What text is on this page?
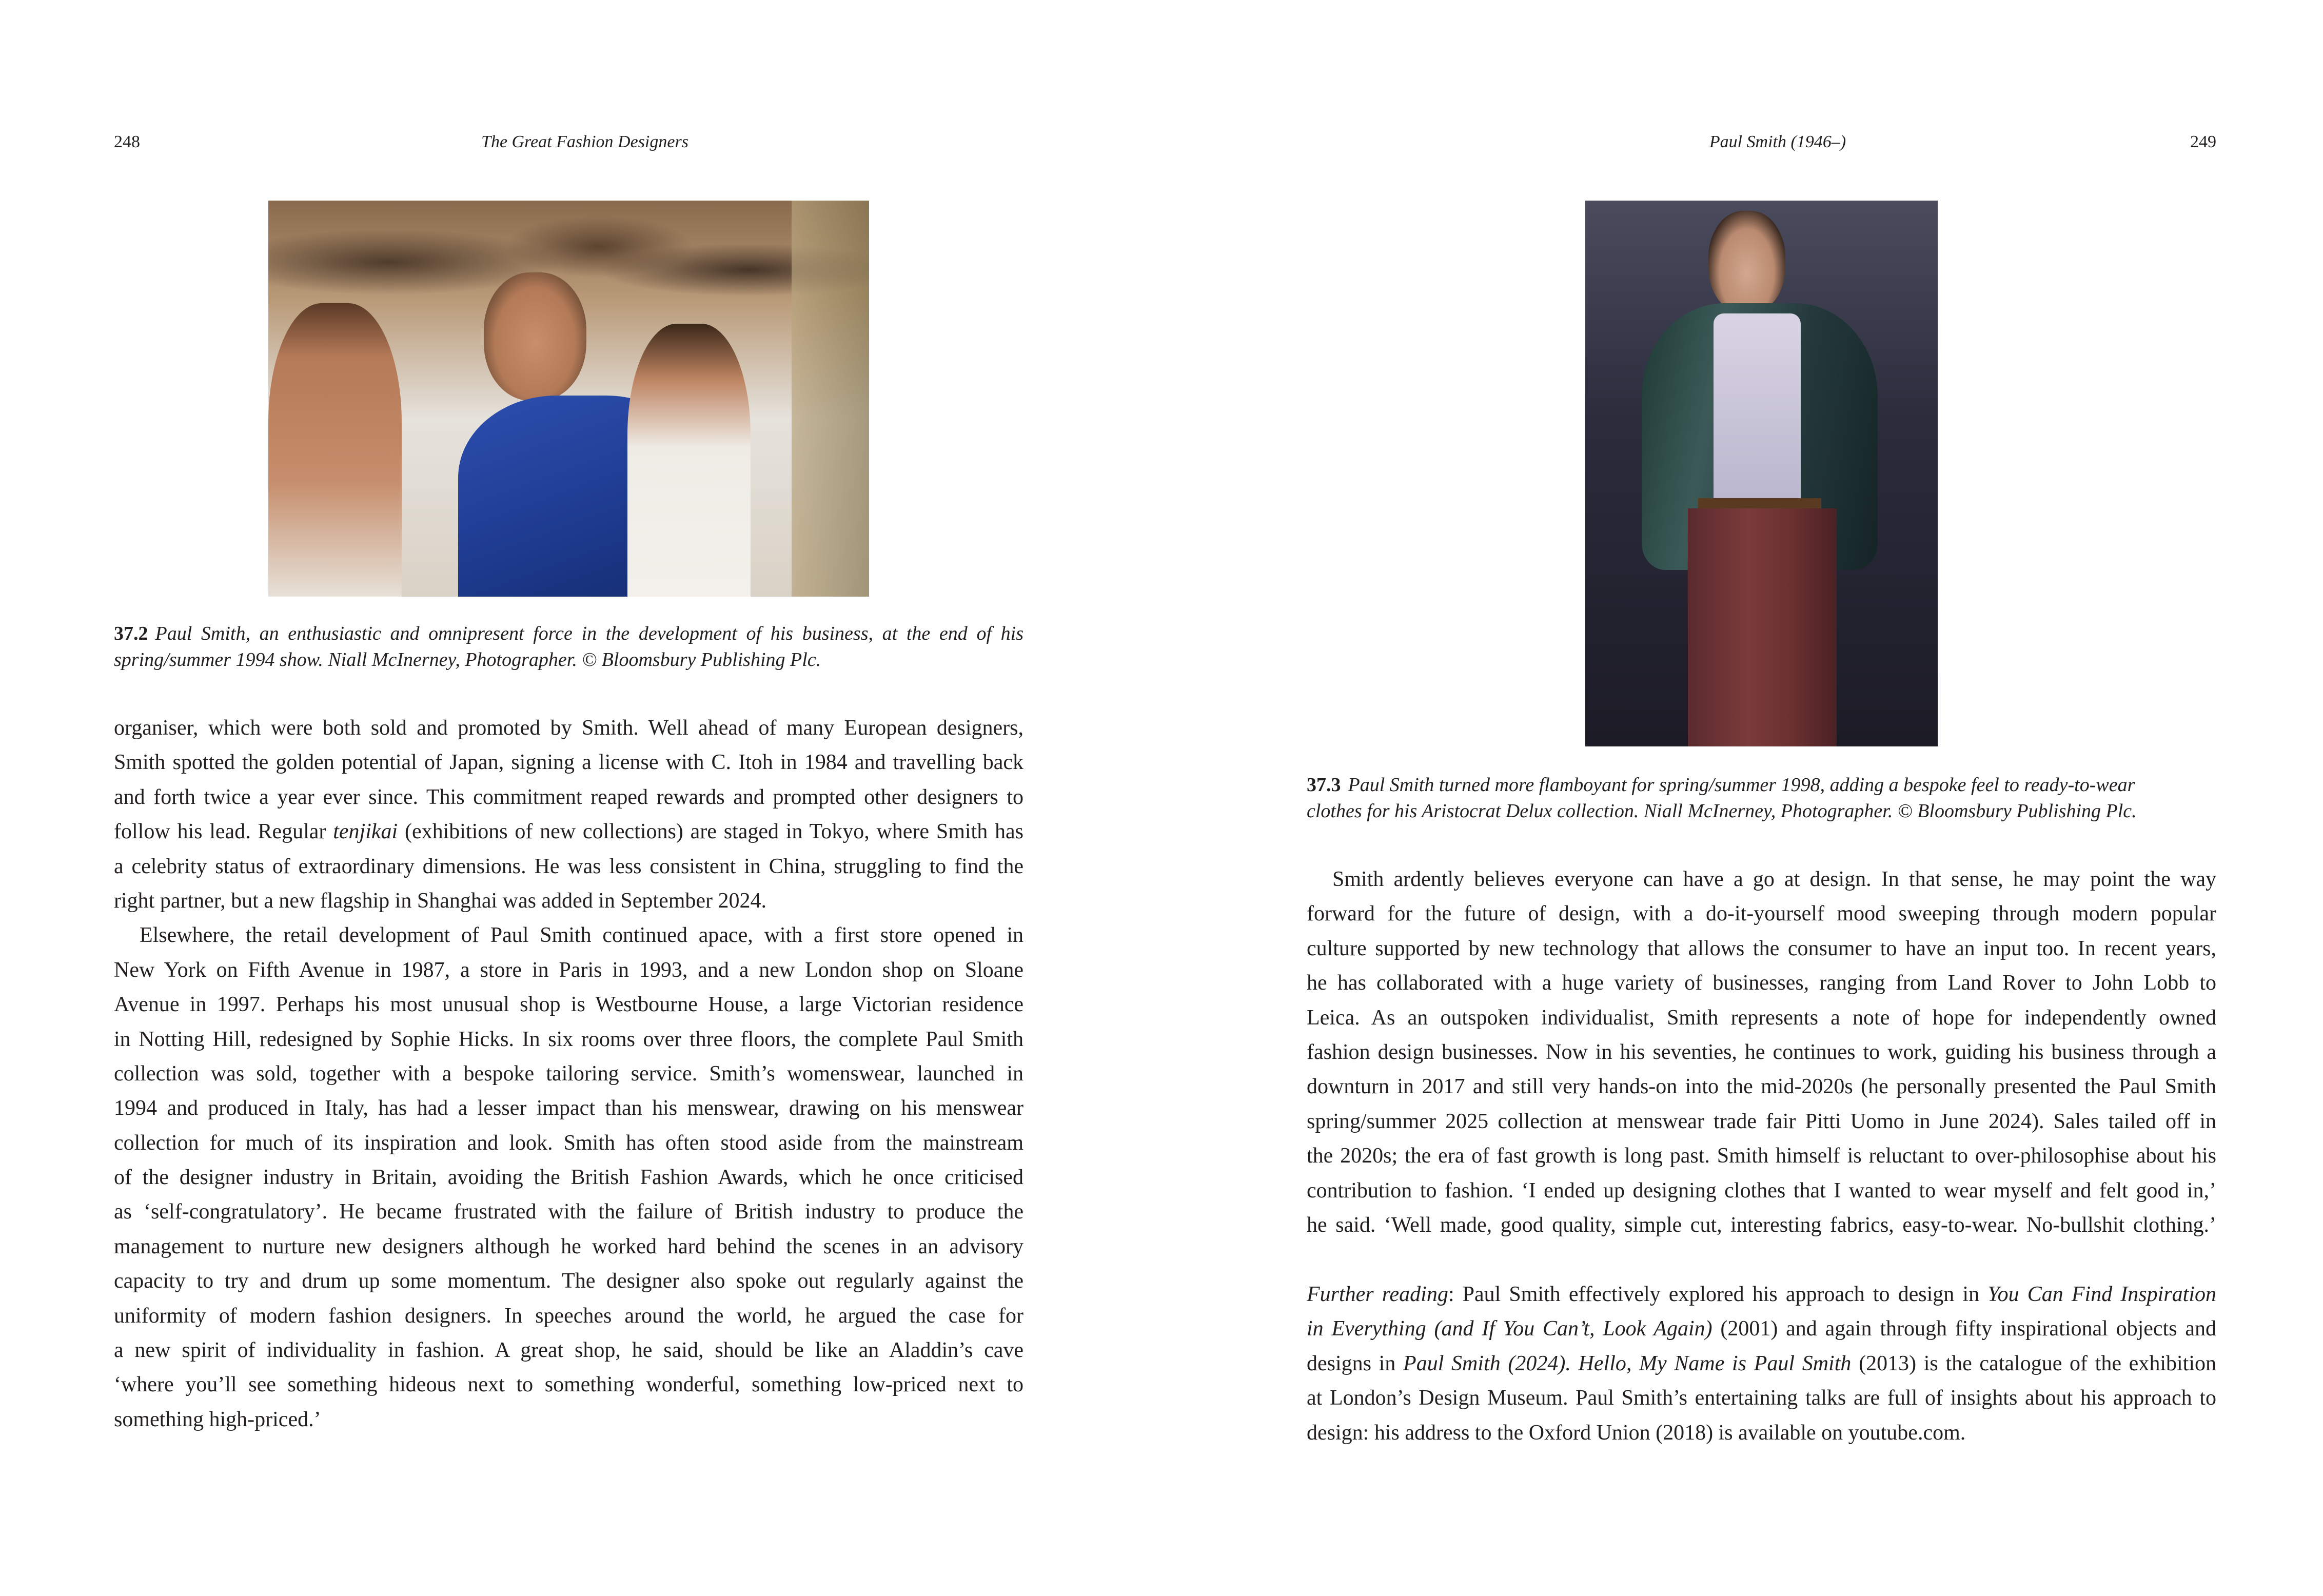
248	The Great Fashion Designers	Paul Smith (1946–)	249
37.2 Paul Smith, an enthusiastic and omnipresent force in the development of his business, at the end of his
spring/summer 1994 show. Niall McInerney, Photographer. © Bloomsbury Publishing Plc.
organiser, which were both sold and promoted by Smith. Well ahead of many European designers,
Smith spotted the golden potential of Japan, signing a license with C. Itoh in 1984 and travelling back
and forth twice a year ever since. This commitment reaped rewards and prompted other designers to
follow his lead. Regular tenjikai (exhibitions of new collections) are staged in Tokyo, where Smith has
a celebrity status of extraordinary dimensions. He was less consistent in China, struggling to find the
right partner, but a new flagship in Shanghai was added in September 2024.
Elsewhere, the retail development of Paul Smith continued apace, with a first store opened in
New York on Fifth Avenue in 1987, a store in Paris in 1993, and a new London shop on Sloane
Avenue in 1997. Perhaps his most unusual shop is Westbourne House, a large Victorian residence
in Notting Hill, redesigned by Sophie Hicks. In six rooms over three floors, the complete Paul Smith
collection was sold, together with a bespoke tailoring service. Smith’s womenswear, launched in
1994 and produced in Italy, has had a lesser impact than his menswear, drawing on his menswear
collection for much of its inspiration and look. Smith has often stood aside from the mainstream
of the designer industry in Britain, avoiding the British Fashion Awards, which he once criticised
as ‘self-congratulatory’. He became frustrated with the failure of British industry to produce the
management to nurture new designers although he worked hard behind the scenes in an advisory
capacity to try and drum up some momentum. The designer also spoke out regularly against the
uniformity of modern fashion designers. In speeches around the world, he argued the case for
a new spirit of individuality in fashion. A great shop, he said, should be like an Aladdin’s cave
‘where you’ll see something hideous next to something wonderful, something low-priced next to
something high-priced.’
37.3 Paul Smith turned more flamboyant for spring/summer 1998, adding a bespoke feel to ready-to-wear
clothes for his Aristocrat Delux collection. Niall McInerney, Photographer. © Bloomsbury Publishing Plc.
Smith ardently believes everyone can have a go at design. In that sense, he may point the way
forward for the future of design, with a do-it-yourself mood sweeping through modern popular
culture supported by new technology that allows the consumer to have an input too. In recent years,
he has collaborated with a huge variety of businesses, ranging from Land Rover to John Lobb to
Leica. As an outspoken individualist, Smith represents a note of hope for independently owned
fashion design businesses. Now in his seventies, he continues to work, guiding his business through a
downturn in 2017 and still very hands-on into the mid-2020s (he personally presented the Paul Smith
spring/summer 2025 collection at menswear trade fair Pitti Uomo in June 2024). Sales tailed off in
the 2020s; the era of fast growth is long past. Smith himself is reluctant to over-philosophise about his
contribution to fashion. ‘I ended up designing clothes that I wanted to wear myself and felt good in,’
he said. ‘Well made, good quality, simple cut, interesting fabrics, easy-to-wear. No-bullshit clothing.’
Further reading: Paul Smith effectively explored his approach to design in You Can Find Inspiration
in Everything (and If You Can’t, Look Again) (2001) and again through fifty inspirational objects and
designs in Paul Smith (2024). Hello, My Name is Paul Smith (2013) is the catalogue of the exhibition
at London’s Design Museum. Paul Smith’s entertaining talks are full of insights about his approach to
design: his address to the Oxford Union (2018) is available on youtube.com.
